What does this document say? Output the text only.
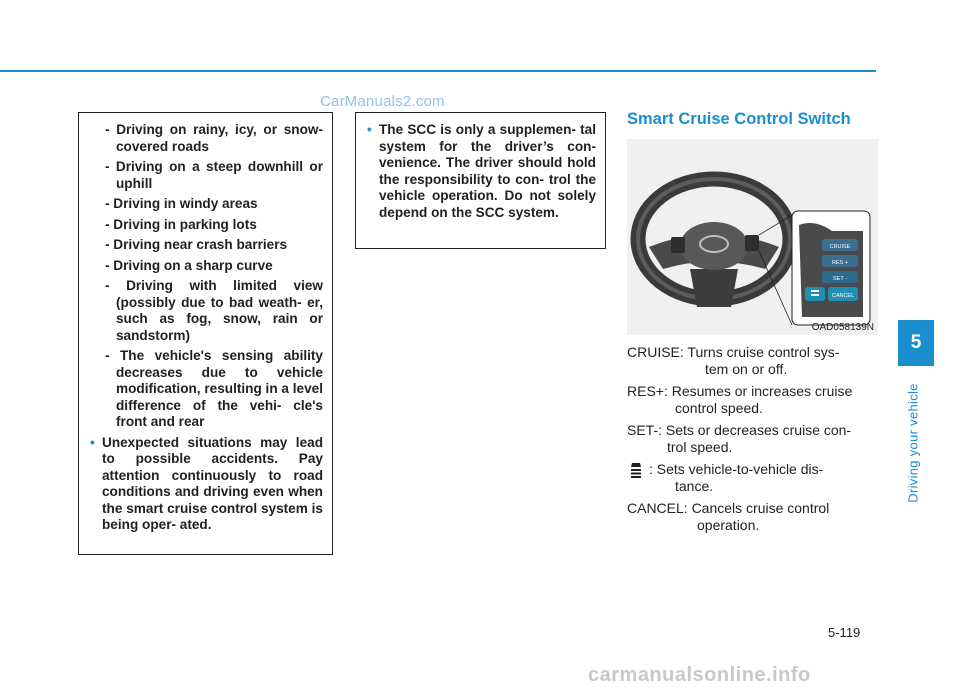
CarManuals2.com
- Driving on rainy, icy, or snow-covered roads
- Driving on a steep downhill or uphill
- Driving in windy areas
- Driving in parking lots
- Driving near crash barriers
- Driving on a sharp curve
- Driving with limited view (possibly due to bad weath- er, such as fog, snow, rain or sandstorm)
- The vehicle's sensing ability decreases due to vehicle modification, resulting in a level difference of the vehi- cle's front and rear
• Unexpected situations may lead to possible accidents. Pay attention continuously to road conditions and driving even when the smart cruise control system is being oper- ated.
• The SCC is only a supplemen- tal system for the driver’s con- venience. The driver should hold the responsibility to con- trol the vehicle operation. Do not solely depend on the SCC system.
Smart Cruise Control Switch
CRUISE
RES +
SET -
CANCEL
OAD058139N
CRUISE: Turns cruise control sys-
tem on or off.
RES+: Resumes or increases cruise
control speed.
SET-: Sets or decreases cruise con-
trol speed.
: Sets vehicle-to-vehicle dis-
tance.
CANCEL: Cancels cruise control
operation.
5-119
5
Driving your vehicle
carmanualsonline.info
